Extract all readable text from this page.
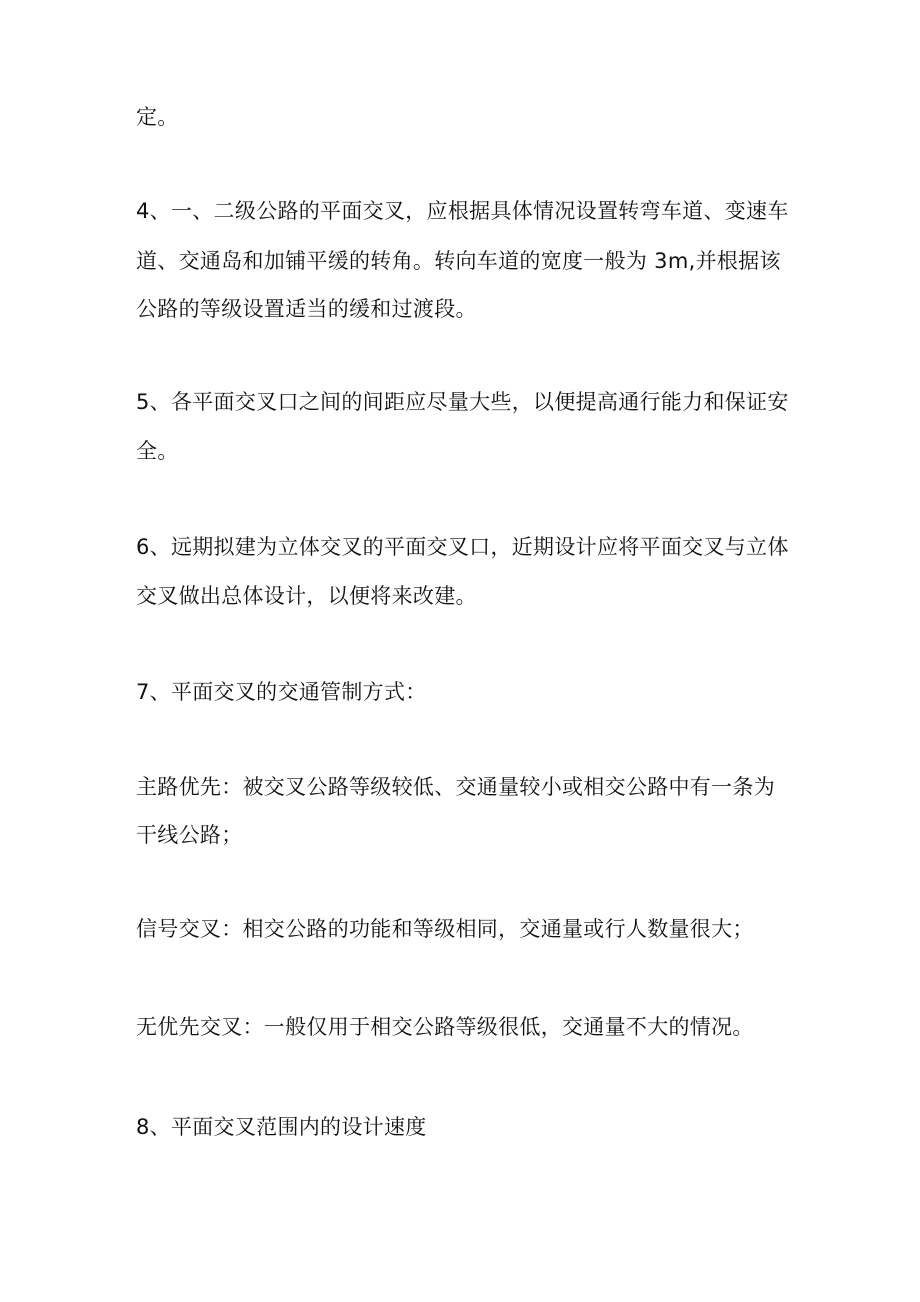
定。
4、一、二级公路的平面交叉，应根据具体情况设置转弯车道、变速车
道、交通岛和加铺平缓的转角。转向车道的宽度一般为 3m,并根据该
公路的等级设置适当的缓和过渡段。
5、各平面交叉口之间的间距应尽量大些，以便提高通行能力和保证安
全。
6、远期拟建为立体交叉的平面交叉口，近期设计应将平面交叉与立体
交叉做出总体设计，以便将来改建。
7、平面交叉的交通管制方式：
主路优先：被交叉公路等级较低、交通量较小或相交公路中有一条为
干线公路；
信号交叉：相交公路的功能和等级相同，交通量或行人数量很大；
无优先交叉：一般仅用于相交公路等级很低，交通量不大的情况。
8、平面交叉范围内的设计速度
